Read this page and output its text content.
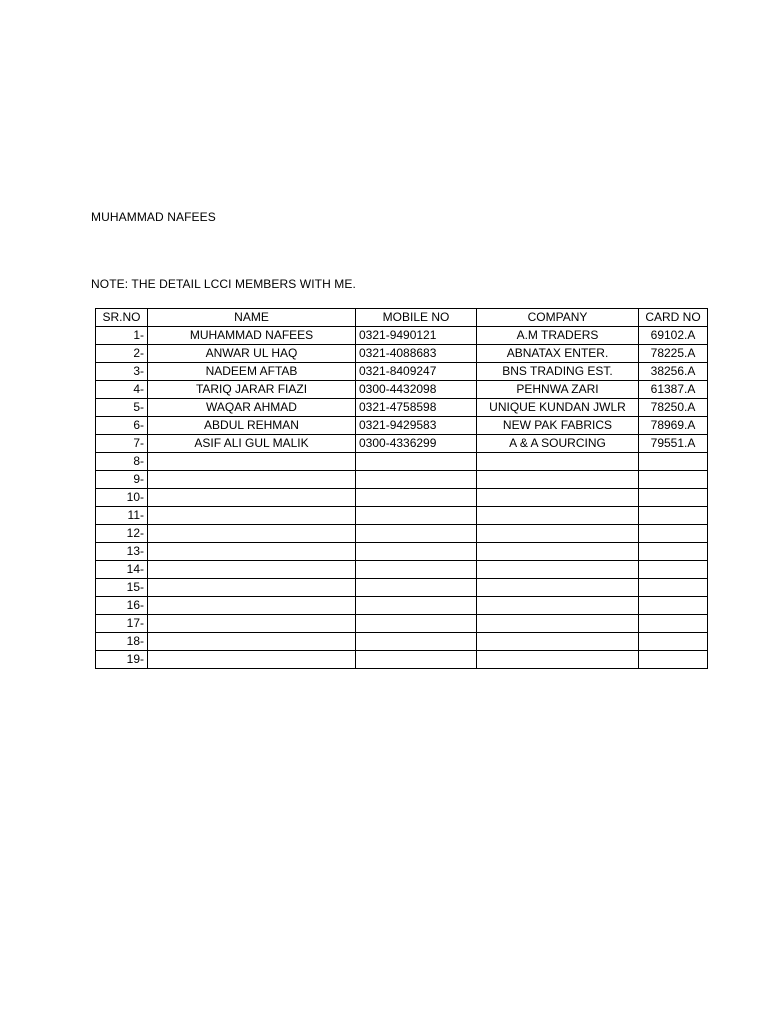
MUHAMMAD NAFEES
NOTE: THE DETAIL LCCI MEMBERS WITH ME.
SR.NO	NAME	MOBILE NO	COMPANY	CARD NO
1-	MUHAMMAD NAFEES	0321-9490121	A.M TRADERS	69102.A
2-	ANWAR UL HAQ	0321-4088683	ABNATAX ENTER.	78225.A
3-	NADEEM AFTAB	0321-8409247	BNS TRADING EST.	38256.A
4-	TARIQ JARAR FIAZI	0300-4432098	PEHNWA ZARI	61387.A
5-	WAQAR AHMAD	0321-4758598	UNIQUE KUNDAN JWLR	78250.A
6-	ABDUL REHMAN	0321-9429583	NEW PAK FABRICS	78969.A
7-	ASIF ALI GUL MALIK	0300-4336299	A & A SOURCING	79551.A
8-				
9-				
10-				
11-				
12-				
13-				
14-				
15-				
16-				
17-				
18-				
19-				
